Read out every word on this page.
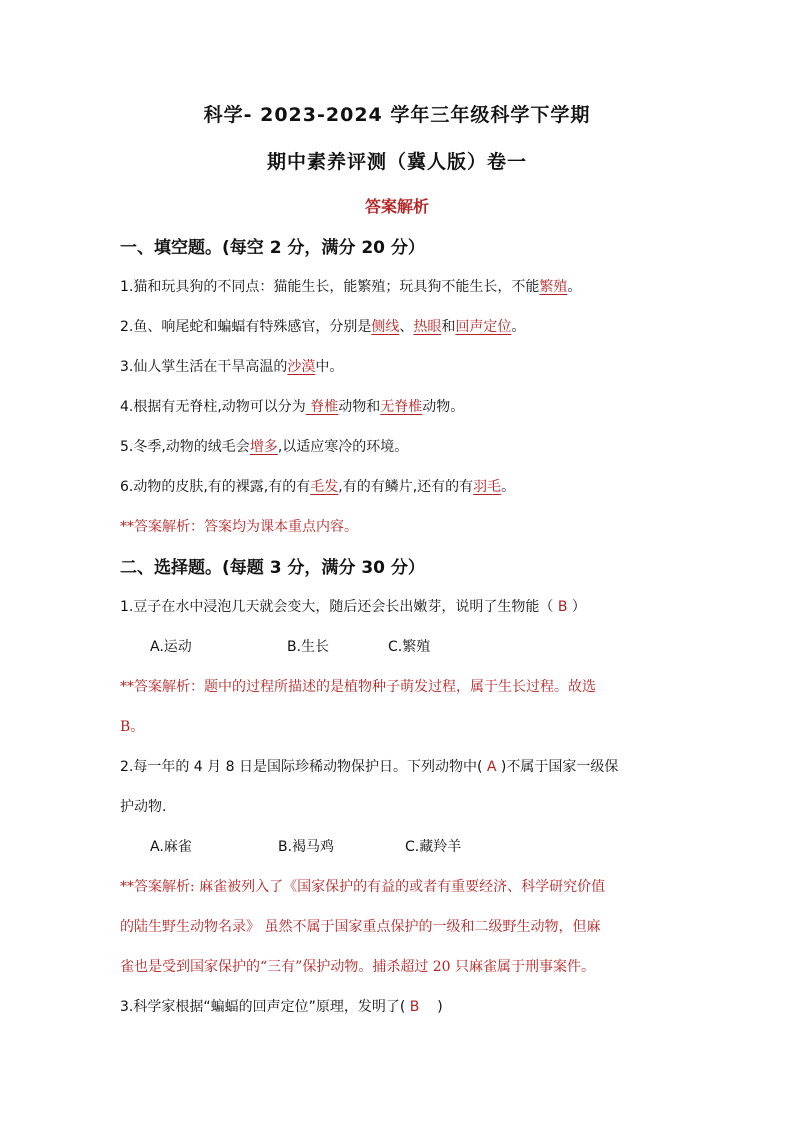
科学- 2023-2024 学年三年级科学下学期
期中素养评测（冀人版）卷一
答案解析
一、填空题。(每空 2 分，满分 20 分）
1.猫和玩具狗的不同点：猫能生长，能繁殖；玩具狗不能生长，不能繁殖。
2.鱼、响尾蛇和蝙蝠有特殊感官，分别是侧线、热眼和回声定位。
3.仙人掌生活在干旱高温的沙漠中。
4.根据有无脊柱,动物可以分为 脊椎动物和无脊椎动物。
5.冬季,动物的绒毛会增多,以适应寒冷的环境。
6.动物的皮肤,有的裸露,有的有毛发,有的有鳞片,还有的有羽毛。
**答案解析：答案均为课本重点内容。
二、选择题。(每题 3 分，满分 30 分）
1.豆子在水中浸泡几天就会变大，随后还会长出嫩芽，说明了生物能（ B ）
A.运动	B.生长	C.繁殖
**答案解析：题中的过程所描述的是植物种子萌发过程，属于生长过程。故选
B。
2.每一年的 4 月 8 日是国际珍稀动物保护日。下列动物中( A )不属于国家一级保
护动物.
A.麻雀	B.褐马鸡	C.藏羚羊
**答案解析: 麻雀被列入了《国家保护的有益的或者有重要经济、科学研究价值
的陆生野生动物名录》 虽然不属于国家重点保护的一级和二级野生动物，但麻
雀也是受到国家保护的“三有”保护动物。捕杀超过 20 只麻雀属于刑事案件。
3.科学家根据“蝙蝠的回声定位”原理，发明了( B    )
